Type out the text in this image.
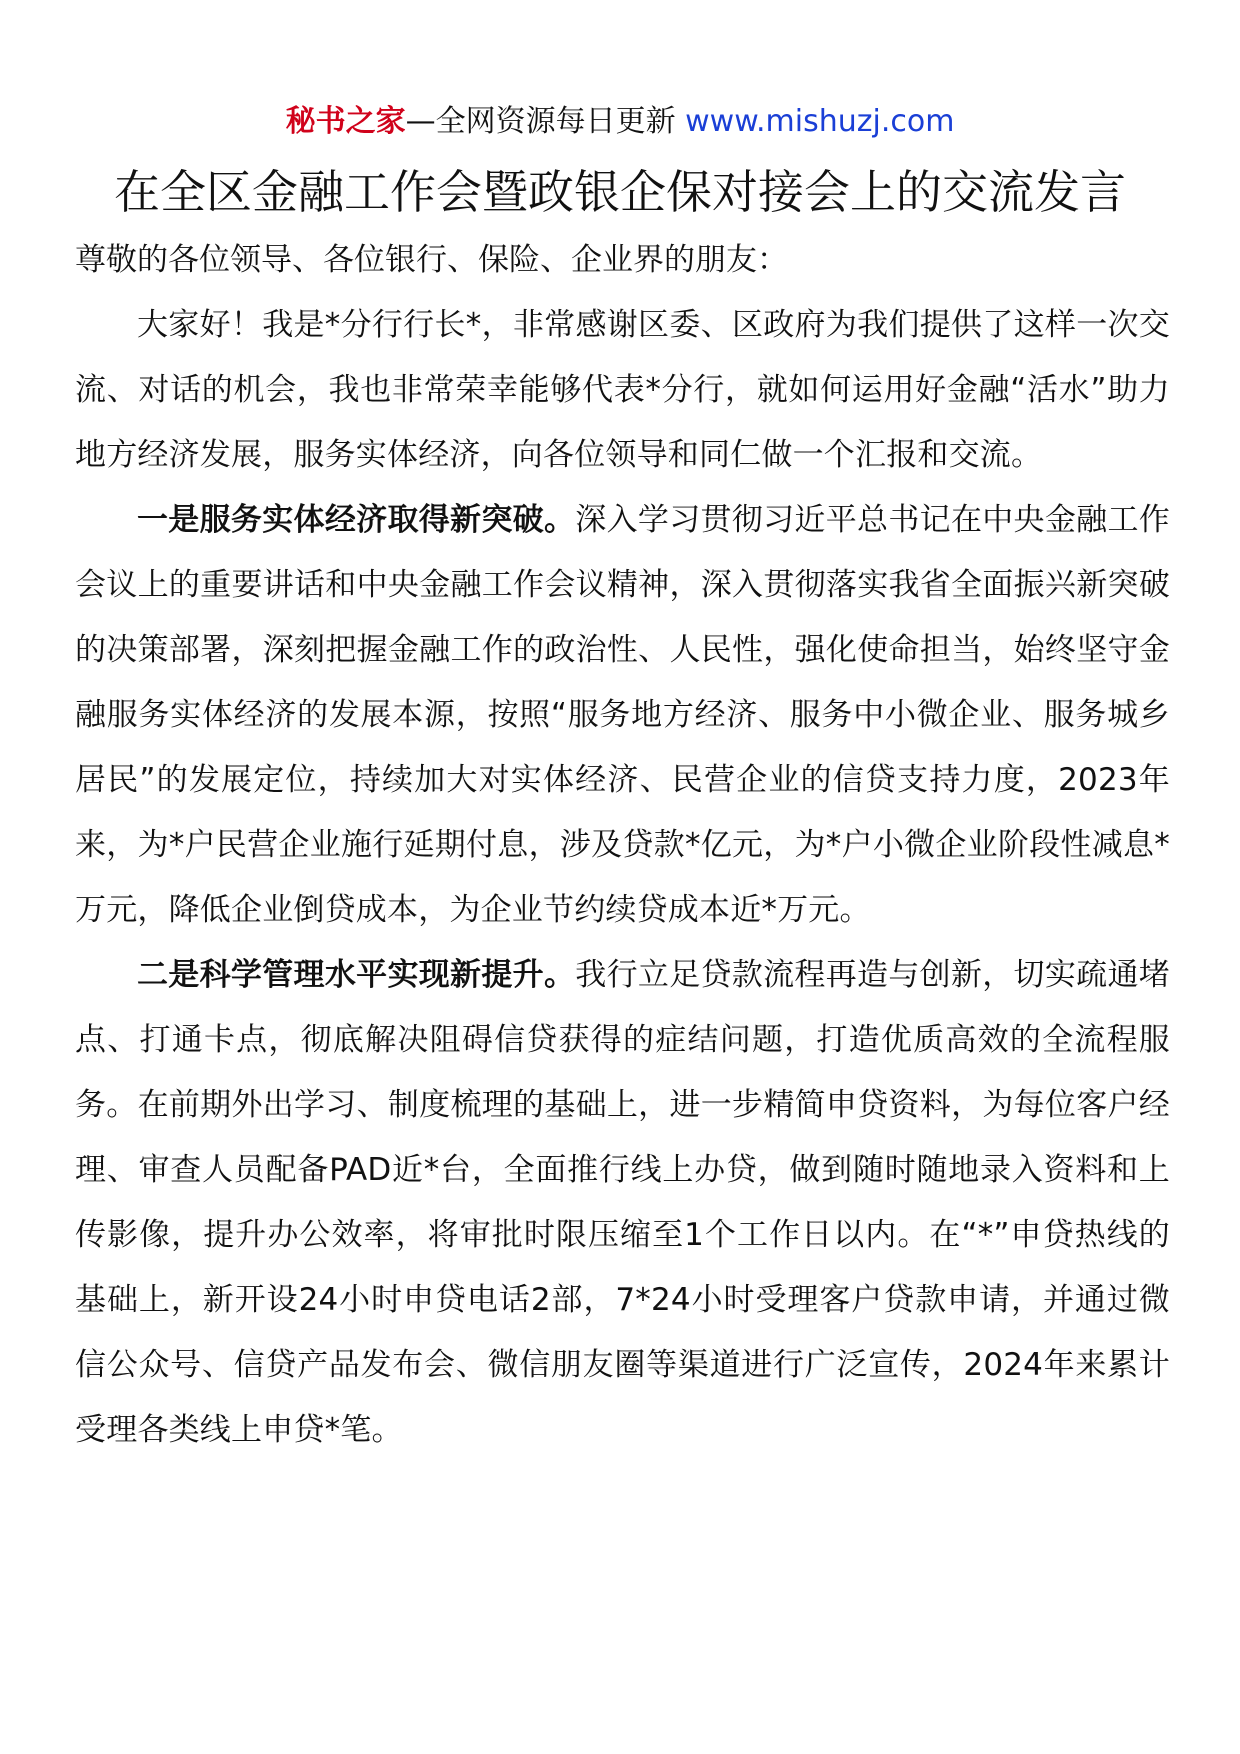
秘书之家—全网资源每日更新 www.mishuzj.com
在全区金融工作会暨政银企保对接会上的交流发言

尊敬的各位领导、各位银行、保险、企业界的朋友：

大家好！我是*分行行长*，非常感谢区委、区政府为我们提供了这样一次交流、对话的机会，我也非常荣幸能够代表*分行，就如何运用好金融“活水”助力地方经济发展，服务实体经济，向各位领导和同仁做一个汇报和交流。

一是服务实体经济取得新突破。深入学习贯彻习近平总书记在中央金融工作会议上的重要讲话和中央金融工作会议精神，深入贯彻落实我省全面振兴新突破的决策部署，深刻把握金融工作的政治性、人民性，强化使命担当，始终坚守金融服务实体经济的发展本源，按照“服务地方经济、服务中小微企业、服务城乡居民”的发展定位，持续加大对实体经济、民营企业的信贷支持力度，2023年来，为*户民营企业施行延期付息，涉及贷款*亿元，为*户小微企业阶段性减息*万元，降低企业倒贷成本，为企业节约续贷成本近*万元。

二是科学管理水平实现新提升。我行立足贷款流程再造与创新，切实疏通堵点、打通卡点，彻底解决阻碍信贷获得的症结问题，打造优质高效的全流程服务。在前期外出学习、制度梳理的基础上，进一步精简申贷资料，为每位客户经理、审查人员配备PAD近*台，全面推行线上办贷，做到随时随地录入资料和上传影像，提升办公效率，将审批时限压缩至1个工作日以内。在“*”申贷热线的基础上，新开设24小时申贷电话2部，7*24小时受理客户贷款申请，并通过微信公众号、信贷产品发布会、微信朋友圈等渠道进行广泛宣传，2024年来累计受理各类线上申贷*笔。
